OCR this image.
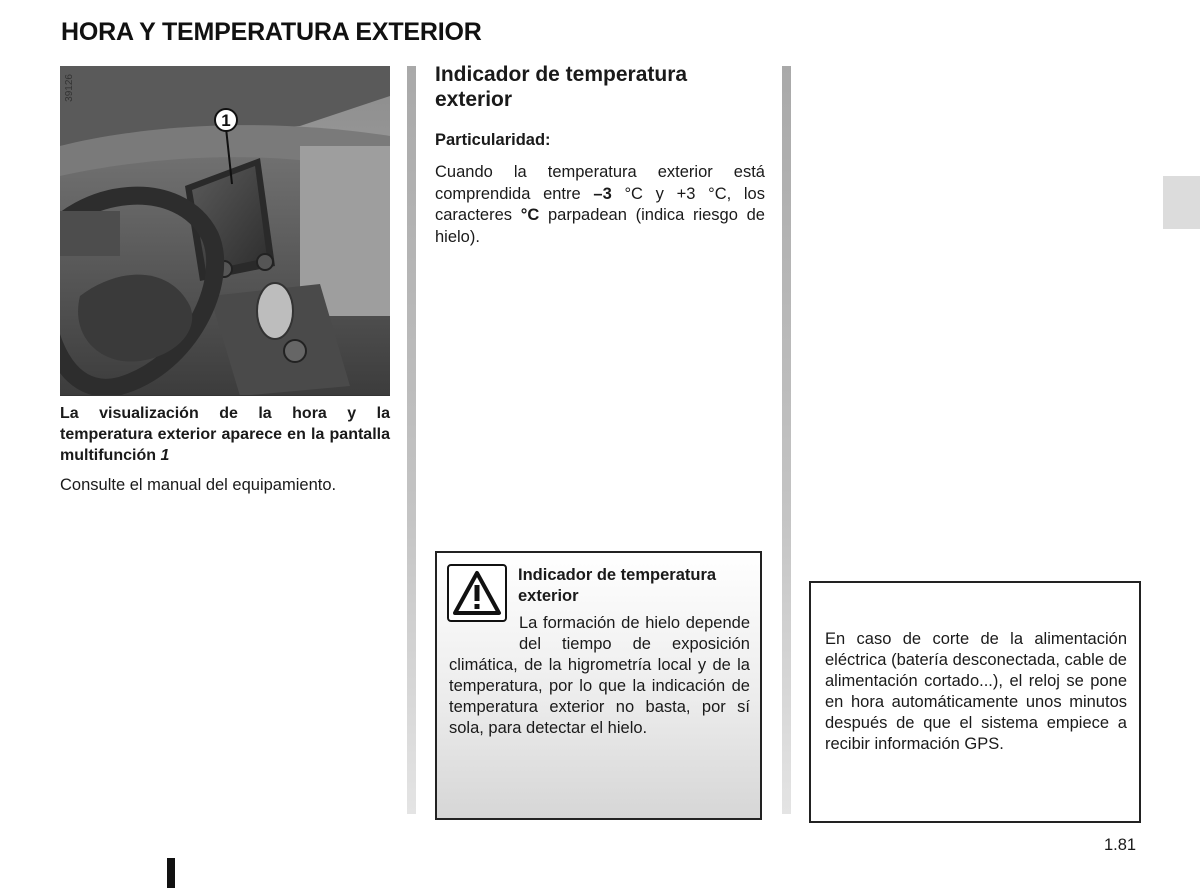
HORA Y TEMPERATURA EXTERIOR
1
39126
La visualización de la hora y la temperatura exterior aparece en la pantalla multifunción 1
Consulte el manual del equipamiento.
Indicador de temperatura exterior
Particularidad:
Cuando la temperatura exterior está comprendida entre –3 °C y +3 °C, los caracteres °C parpadean (indica riesgo de hielo).
Indicador de temperatura exterior
La formación de hielo depende del tiempo de exposición climática, de la higrometría local y de la temperatura, por lo que la indicación de temperatura exterior no basta, por sí sola, para detectar el hielo.
En caso de corte de la alimentación eléctrica (batería desconectada, cable de alimentación cortado...), el reloj se pone en hora automáticamente unos minutos después de que el sistema empiece a recibir información GPS.
1.81
